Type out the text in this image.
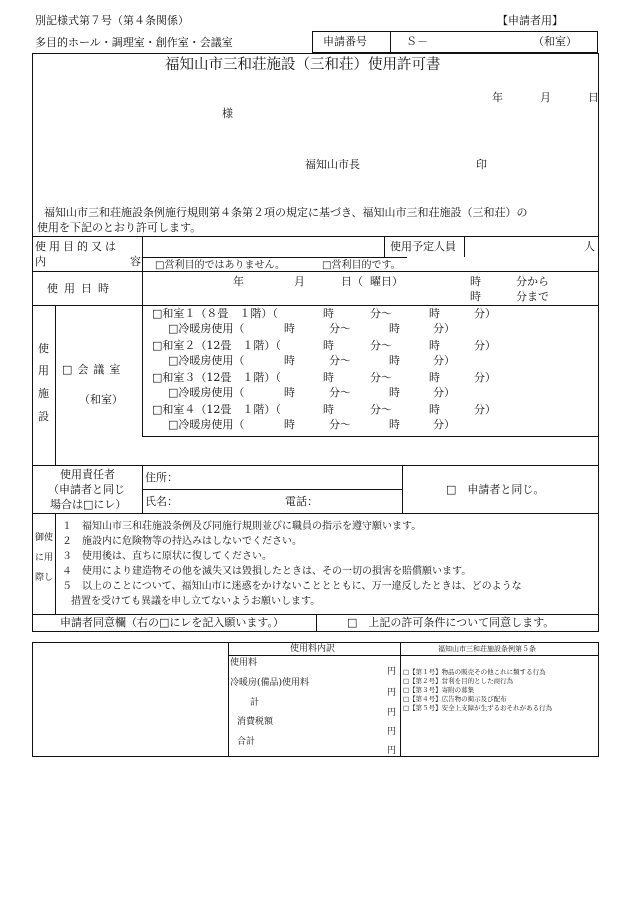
別記様式第７号（第４条関係）	【申請者用】
多目的ホール・調理室・創作室・会議室	申請番号	Ｓ－	（和室）
福知山市三和荘施設（三和荘）使用許可書
年	月	日
様
福知山市長	印
福知山市三和荘施設条例施行規則第４条第２項の規定に基づき、福知山市三和荘施設（三和荘）の
使用を下記のとおり許可します。
使用目的又は
内	容
使用予定人員	人
□営利目的ではありません。	□営利目的です。
使用日時
年	月	日（ 曜日）	時	分から
時	分まで
使
用
施
設
□会議室
（和室）
□和室１（８畳　１階）（	時	分～	時	分）
□冷暖房使用（	時	分～	時	分）
□和室２（12畳　１階）（	時	分～	時	分）
□冷暖房使用（	時	分～	時	分）
□和室３（12畳　１階）（	時	分～	時	分）
□冷暖房使用（	時	分～	時	分）
□和室４（12畳　１階）（	時	分～	時	分）
□冷暖房使用（	時	分～	時	分）
使用責任者
（申請者と同じ
場合は□にレ）
住所：
氏名：	電話：
□　申請者と同じ。
御使
に用
際し
１　福知山市三和荘施設条例及び同施行規則並びに職員の指示を遵守願います。
２　施設内に危険物等の持込みはしないでください。
３　使用後は、直ちに原状に復してください。
４　使用により建造物その他を滅失又は毀損したときは、その一切の損害を賠償願います。
５　以上のことについて、福知山市に迷惑をかけないこととともに、万一違反したときは、どのような
措置を受けても異議を申し立てないようお願いします。
申請者同意欄（右の□にレを記入願います。）	□　上記の許可条件について同意します。
使用料内訳
使用料
円
冷暖房(備品)使用料
円
計
円
消費税額
円
合計
円
福知山市三和荘施設条例第５条
□【第１号】物品の販売その他これに類する行為
□【第２号】営利を目的とした商行為
□【第３号】寄附の募集
□【第４号】広告物の掲示及び配布
□【第５号】安全上支障が生ずるおそれがある行為
